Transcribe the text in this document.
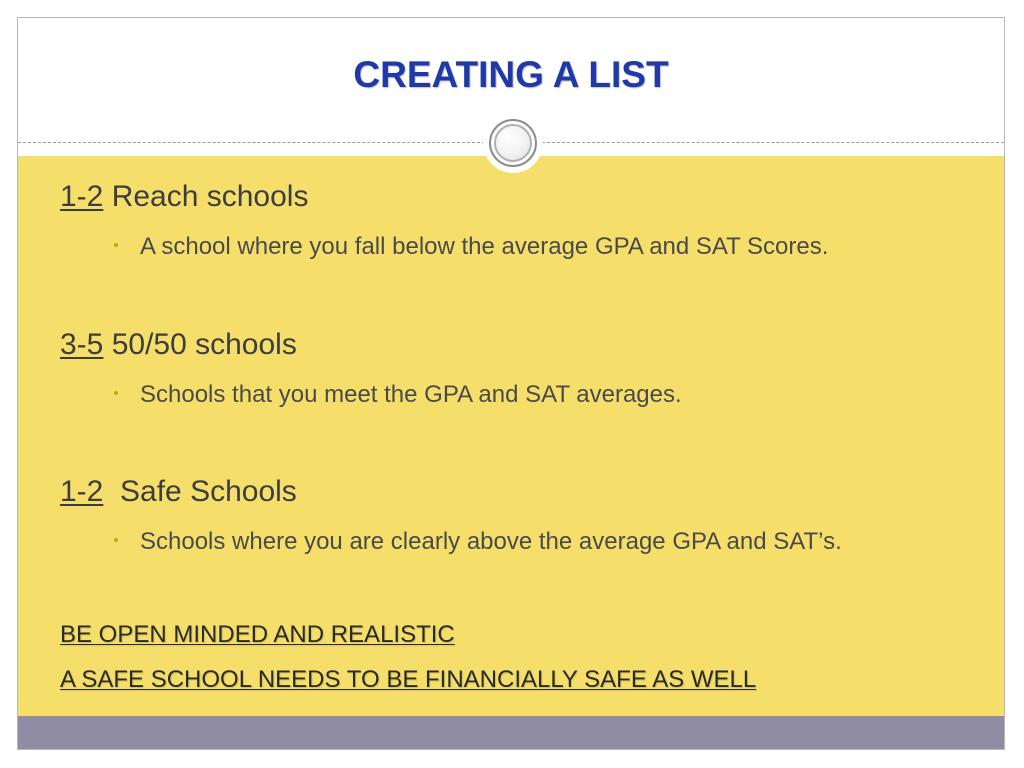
CREATING A LIST
1-2 Reach schools
A school where you fall below the average GPA and SAT Scores.
3-5 50/50 schools
Schools that you meet the GPA and SAT averages.
1-2  Safe Schools
Schools where you are clearly above the average GPA and SAT’s.
BE OPEN MINDED AND REALISTIC
A SAFE SCHOOL NEEDS TO BE FINANCIALLY SAFE AS WELL
